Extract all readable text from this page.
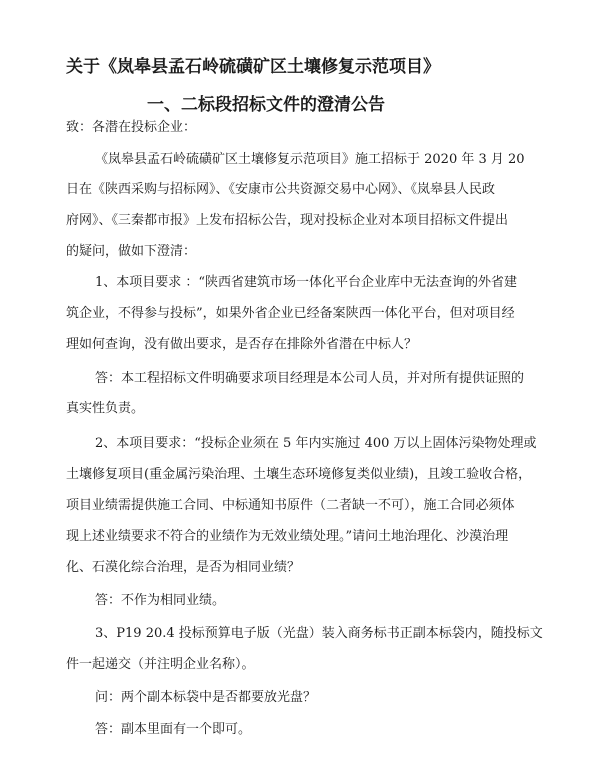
关于《岚皋县孟石岭硫磺矿区土壤修复示范项目》
一、二标段招标文件的澄清公告
致：各潜在投标企业：
《岚皋县孟石岭硫磺矿区土壤修复示范项目》施工招标于 2020 年 3 月 20
日在《陕西采购与招标网》、《安康市公共资源交易中心网》、《岚皋县人民政
府网》、《三秦都市报》上发布招标公告，现对投标企业对本项目招标文件提出
的疑问，做如下澄清：
1、本项目要求 ：“陕西省建筑市场一体化平台企业库中无法查询的外省建
筑企业，不得参与投标”，如果外省企业已经备案陕西一体化平台，但对项目经
理如何查询，没有做出要求，是否存在排除外省潜在中标人？
答：本工程招标文件明确要求项目经理是本公司人员，并对所有提供证照的
真实性负责。
2、本项目要求：“投标企业须在 5 年内实施过 400 万以上固体污染物处理或
土壤修复项目(重金属污染治理、土壤生态环境修复类似业绩)，且竣工验收合格，
项目业绩需提供施工合同、中标通知书原件（二者缺一不可），施工合同必须体
现上述业绩要求不符合的业绩作为无效业绩处理。”请问土地治理化、沙漠治理
化、石漠化综合治理，是否为相同业绩？
答：不作为相同业绩。
3、P19 20.4 投标预算电子版（光盘）装入商务标书正副本标袋内，随投标文
件一起递交（并注明企业名称）。
问：两个副本标袋中是否都要放光盘？
答：副本里面有一个即可。
